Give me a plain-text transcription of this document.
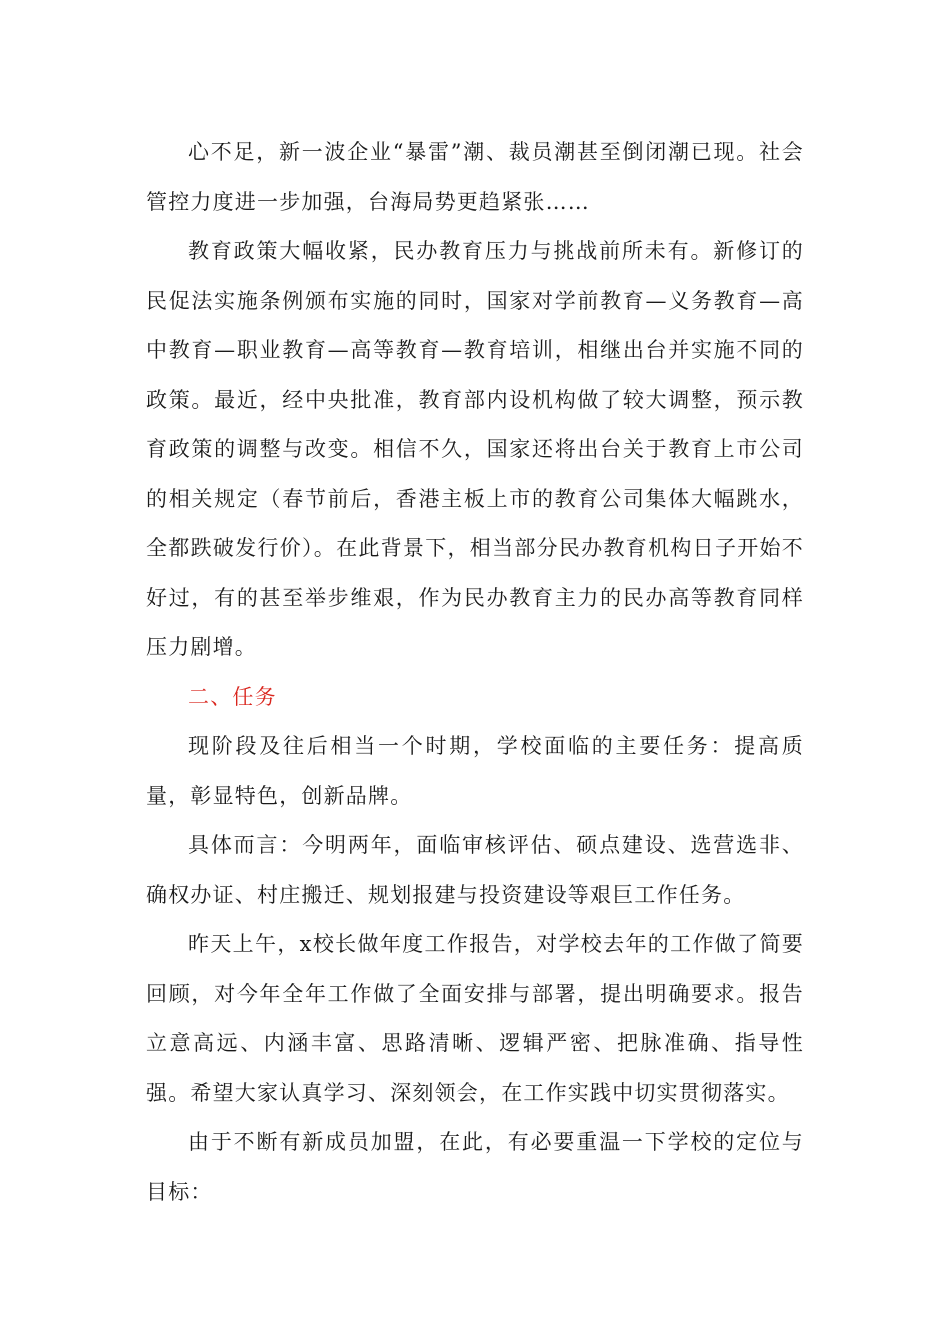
心不足，新一波企业“暴雷”潮、裁员潮甚至倒闭潮已现。社会管控力度进一步加强，台海局势更趋紧张……

教育政策大幅收紧，民办教育压力与挑战前所未有。新修订的民促法实施条例颁布实施的同时，国家对学前教育—义务教育—高中教育—职业教育—高等教育—教育培训，相继出台并实施不同的政策。最近，经中央批准，教育部内设机构做了较大调整，预示教育政策的调整与改变。相信不久，国家还将出台关于教育上市公司的相关规定（春节前后，香港主板上市的教育公司集体大幅跳水，全都跌破发行价）。在此背景下，相当部分民办教育机构日子开始不好过，有的甚至举步维艰，作为民办教育主力的民办高等教育同样压力剧增。

二、任务

现阶段及往后相当一个时期，学校面临的主要任务：提高质量，彰显特色，创新品牌。

具体而言：今明两年，面临审核评估、硕点建设、选营选非、确权办证、村庄搬迁、规划报建与投资建设等艰巨工作任务。

昨天上午，x校长做年度工作报告，对学校去年的工作做了简要回顾，对今年全年工作做了全面安排与部署，提出明确要求。报告立意高远、内涵丰富、思路清晰、逻辑严密、把脉准确、指导性强。希望大家认真学习、深刻领会，在工作实践中切实贯彻落实。

由于不断有新成员加盟，在此，有必要重温一下学校的定位与目标：
